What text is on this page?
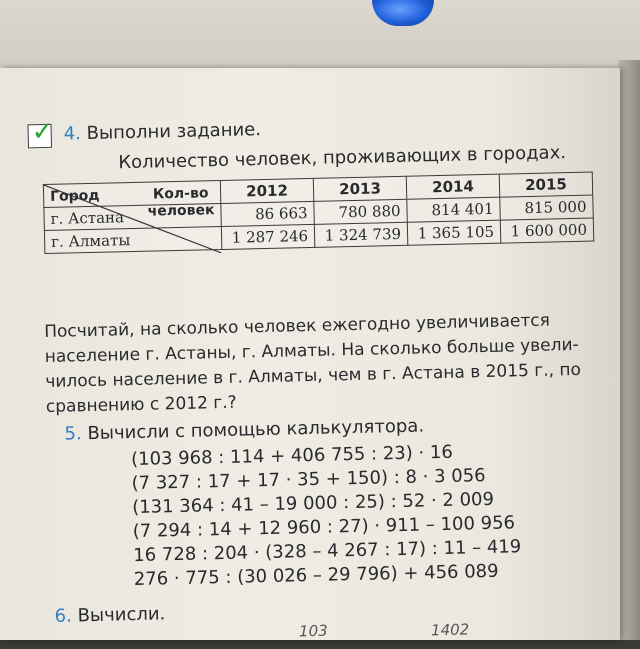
✓ 4. Выполни задание.
Количество человек, проживающих в городах.
Кол-во
человек
Город	2012	2013	2014	2015
г. Астана	86 663	780 880	814 401	815 000
г. Алматы	1 287 246	1 324 739	1 365 105	1 600 000
Посчитай, на сколько человек ежегодно увеличивается
население г. Астаны, г. Алматы. На сколько больше увели-
чилось население в г. Алматы, чем в г. Астана в 2015 г., по
сравнению с 2012 г.?
5. Вычисли с помощью калькулятора.
(103 968 : 114 + 406 755 : 23) · 16
(7 327 : 17 + 17 · 35 + 150) : 8 · 3 056
(131 364 : 41 – 19 000 : 25) : 52 · 2 009
(7 294 : 14 + 12 960 : 27) · 911 – 100 956
16 728 : 204 · (328 – 4 267 : 17) : 11 – 419
276 · 775 : (30 026 – 29 796) + 456 089
6. Вычисли.
103	1402
